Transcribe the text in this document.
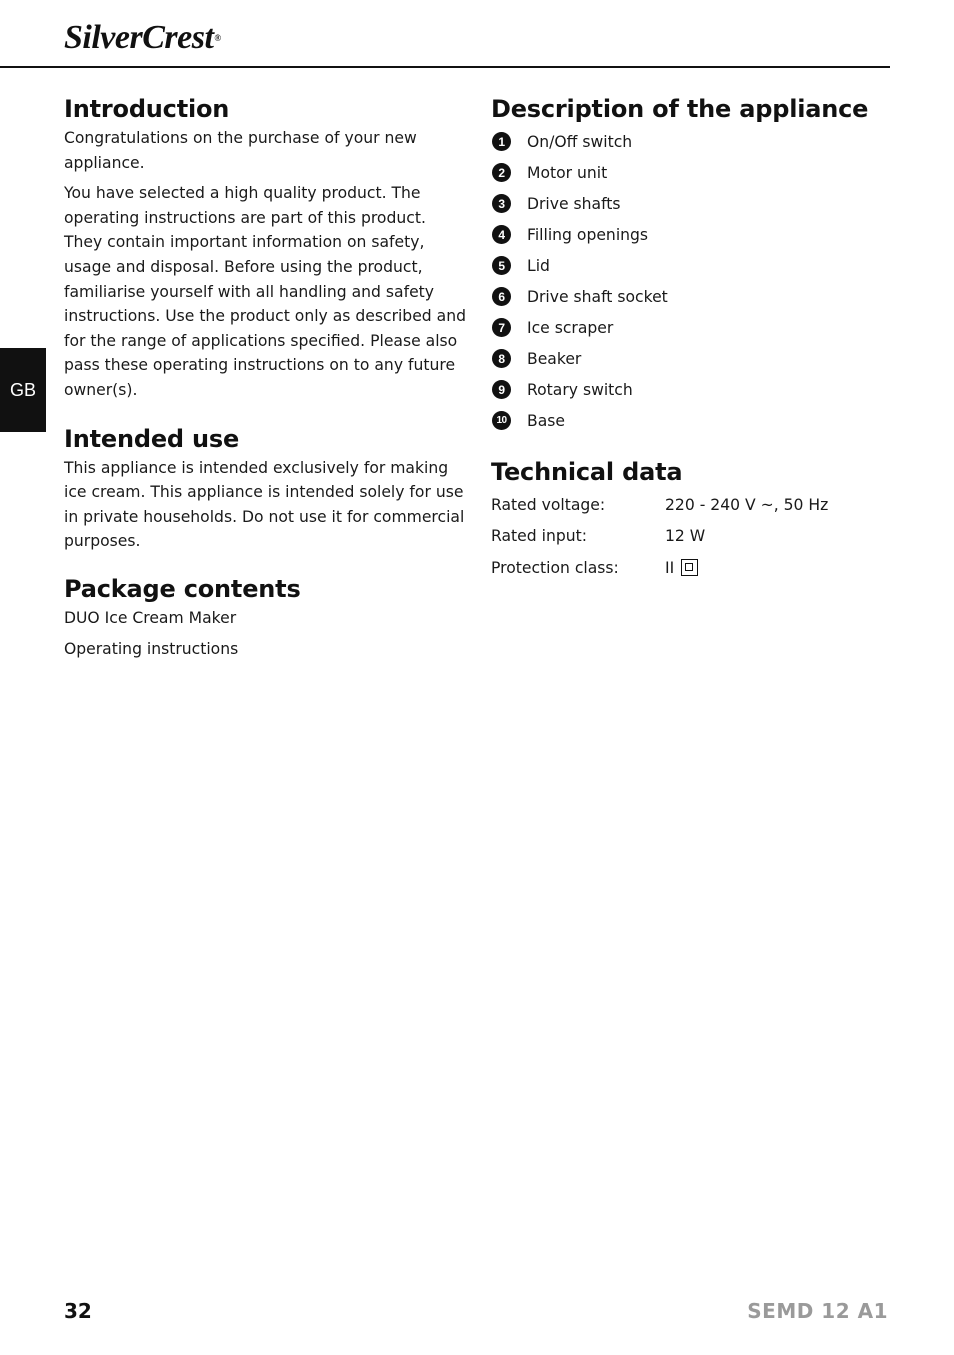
SilverCrest®
GB
Introduction

Congratulations on the purchase of your new appliance.

You have selected a high quality product. The operating instructions are part of this product. They contain important information on safety, usage and disposal. Before using the product, familiarise yourself with all handling and safety instructions. Use the product only as described and for the range of applications specified. Please also pass these operating instructions on to any future owner(s).

Intended use

This appliance is intended exclusively for making ice cream. This appliance is intended solely for use in private households. Do not use it for commercial purposes.

Package contents

DUO Ice Cream Maker

Operating instructions

Description of the appliance
1	On/Off switch
2	Motor unit
3	Drive shafts
4	Filling openings
5	Lid
6	Drive shaft socket
7	Ice scraper
8	Beaker
9	Rotary switch
10 Base
Technical data
Rated voltage:	220 - 240 V ~, 50 Hz
Rated input:	12 W
Protection class:	II
32	SEMD 12 A1
